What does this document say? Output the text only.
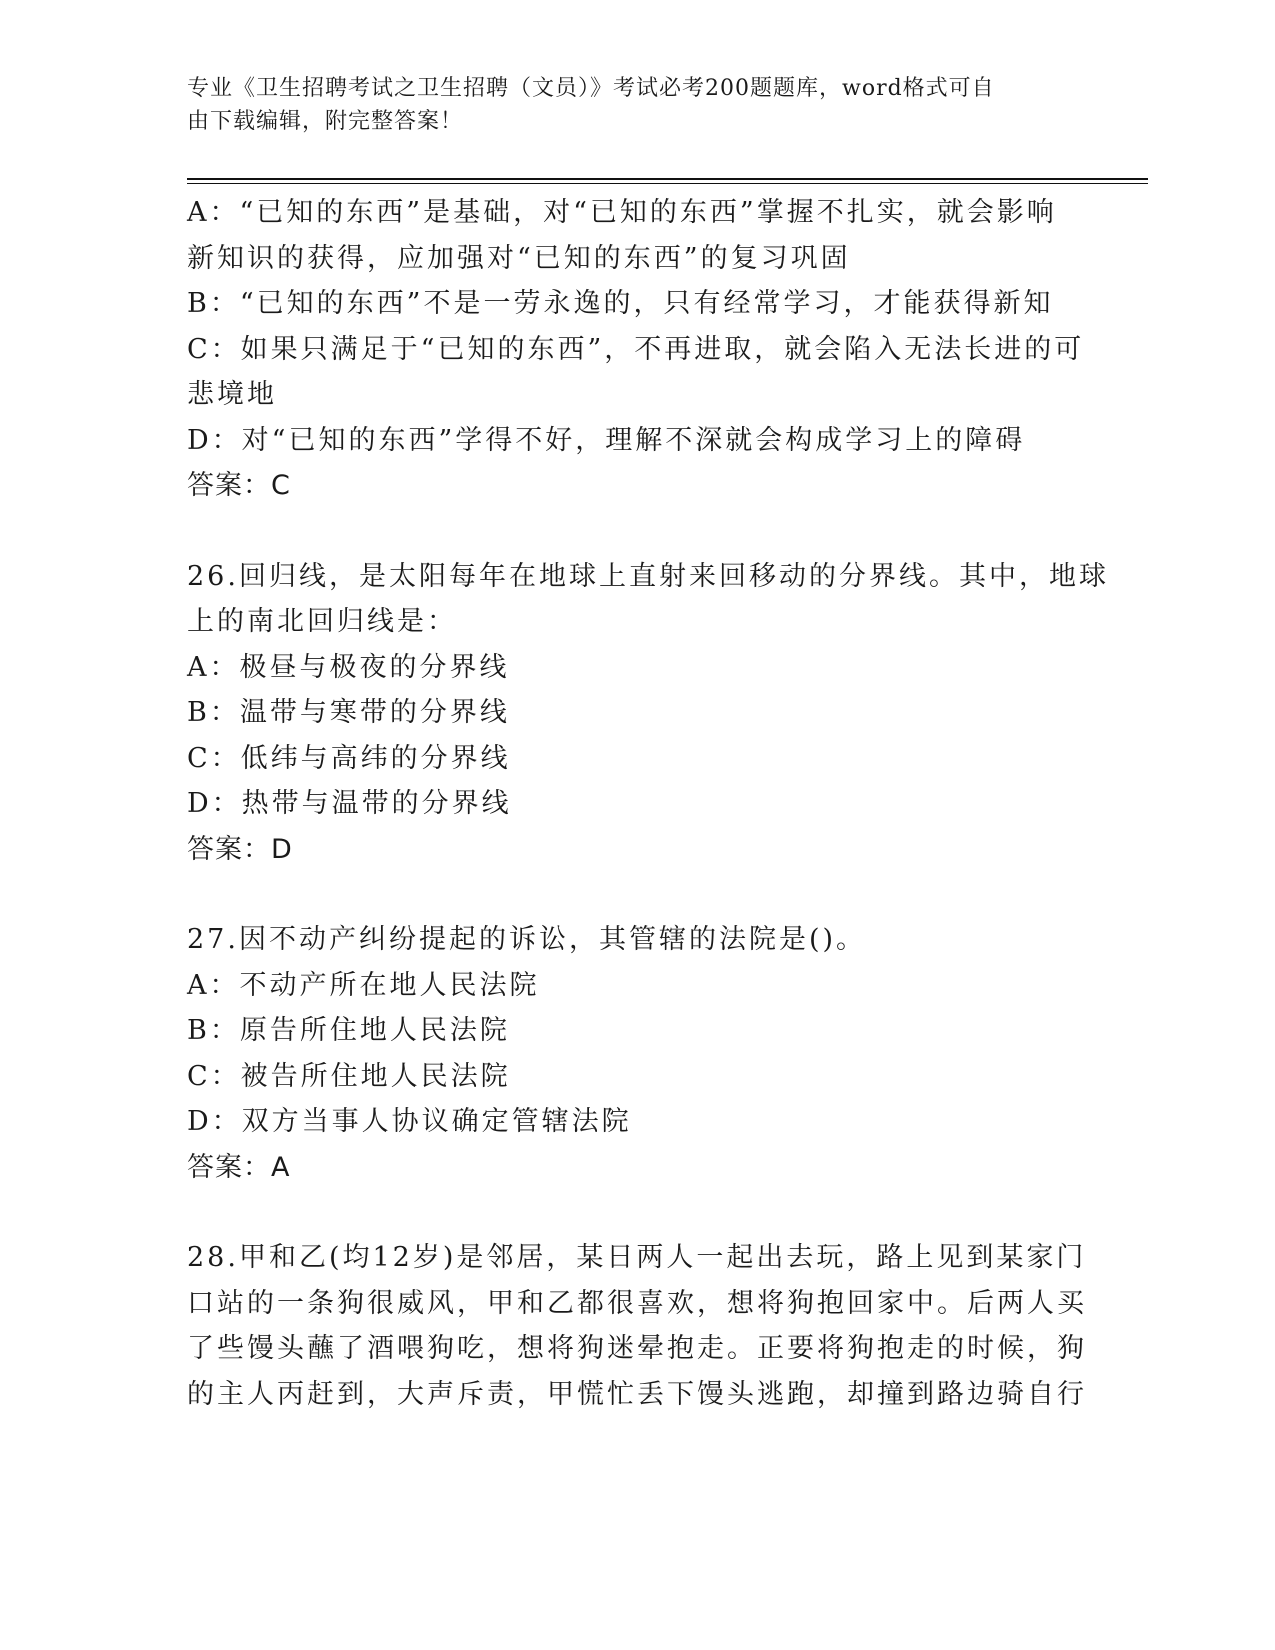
专业《卫生招聘考试之卫生招聘（文员）》考试必考200题题库，word格式可自
由下载编辑，附完整答案！
A：“已知的东西”是基础，对“已知的东西”掌握不扎实，就会影响
新知识的获得，应加强对“已知的东西”的复习巩固
B：“已知的东西”不是一劳永逸的，只有经常学习，才能获得新知
C：如果只满足于“已知的东西”，不再进取，就会陷入无法长进的可
悲境地
D：对“已知的东西”学得不好，理解不深就会构成学习上的障碍
答案：C
26.回归线，是太阳每年在地球上直射来回移动的分界线。其中，地球
上的南北回归线是：
A：极昼与极夜的分界线
B：温带与寒带的分界线
C：低纬与高纬的分界线
D：热带与温带的分界线
答案：D
27.因不动产纠纷提起的诉讼，其管辖的法院是()。
A：不动产所在地人民法院
B：原告所住地人民法院
C：被告所住地人民法院
D：双方当事人协议确定管辖法院
答案：A
28.甲和乙(均12岁)是邻居，某日两人一起出去玩，路上见到某家门
口站的一条狗很威风，甲和乙都很喜欢，想将狗抱回家中。后两人买
了些馒头蘸了酒喂狗吃，想将狗迷晕抱走。正要将狗抱走的时候，狗
的主人丙赶到，大声斥责，甲慌忙丢下馒头逃跑，却撞到路边骑自行
